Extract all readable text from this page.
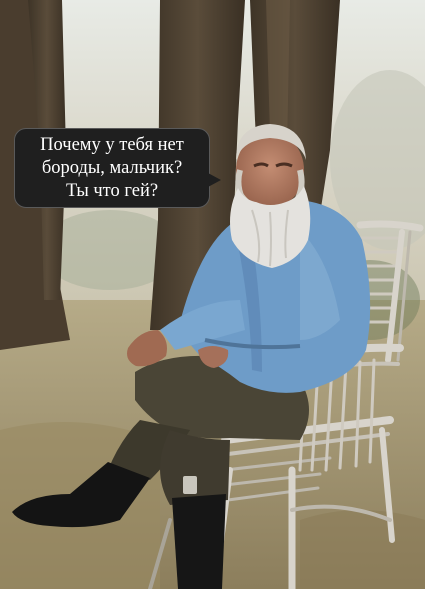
Почему у тебя нет
бороды, мальчик?
Ты что гей?
